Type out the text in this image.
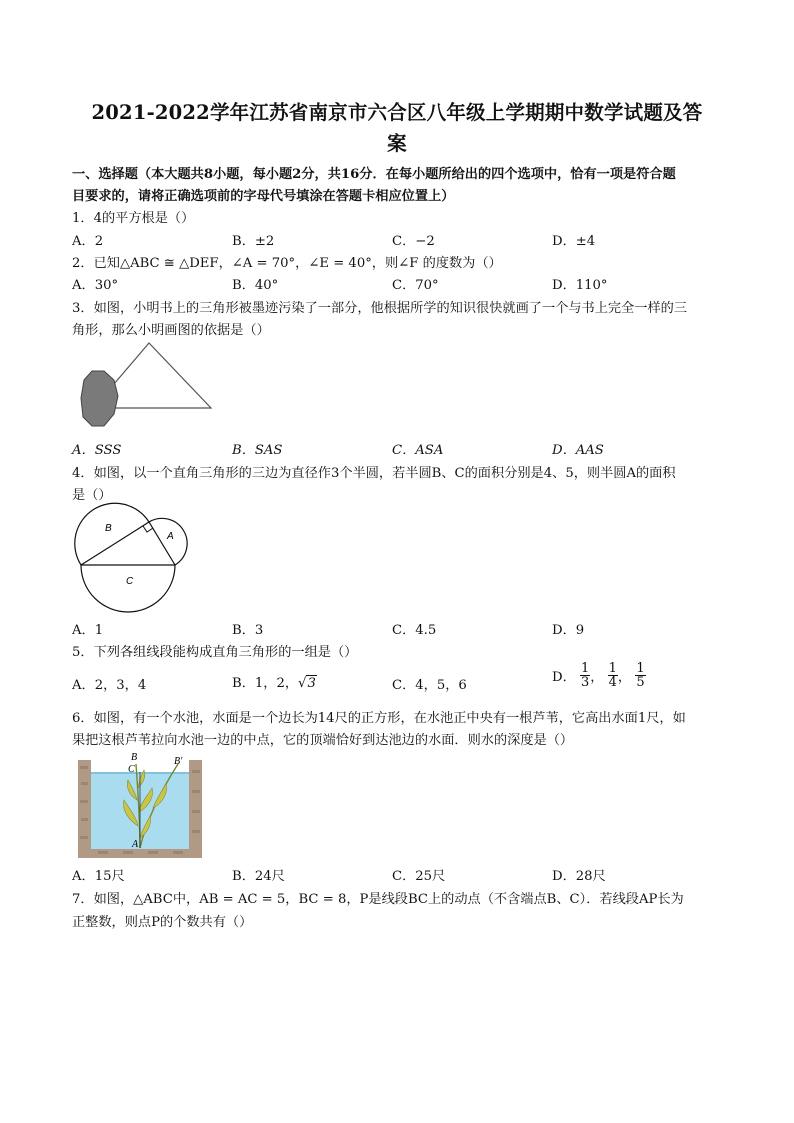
2021-2022学年江苏省南京市六合区八年级上学期期中数学试题及答
案
一、选择题（本大题共8小题，每小题2分，共16分．在每小题所给出的四个选项中，恰有一项是符合题
目要求的，请将正确选项前的字母代号填涂在答题卡相应位置上）
1．4的平方根是（）
A．2	B．±2	C．−2	D．±4
2．已知△ABC ≅ △DEF，∠A = 70°，∠E = 40°，则∠F 的度数为（）
A．30°	B．40°	C．70°	D．110°
3．如图，小明书上的三角形被墨迹污染了一部分，他根据所学的知识很快就画了一个与书上完全一样的三
角形，那么小明画图的依据是（）
A．SSS	B．SAS	C．ASA	D．AAS
4．如图，以一个直角三角形的三边为直径作3个半圆，若半圆B、C的面积分别是4、5，则半圆A的面积
是（）
B
A
C
A．1	B．3	C．4.5	D．9
5．下列各组线段能构成直角三角形的一组是（）
A．2，3，4	B．1，2，√3	C．4，5，6
D． $\frac{1}{3}$ ， $\frac{1}{4}$ ， $\frac{1}{5}$
6．如图，有一个水池，水面是一个边长为14尺的正方形，在水池正中央有一根芦苇，它高出水面1尺，如
果把这根芦苇拉向水池一边的中点，它的顶端恰好到达池边的水面．则水的深度是（）
B
C
B′
A
A．15尺	B．24尺	C．25尺	D．28尺
7．如图，△ABC中，AB = AC = 5，BC = 8，P是线段BC上的动点（不含端点B、C）．若线段AP长为
正整数，则点P的个数共有（）
